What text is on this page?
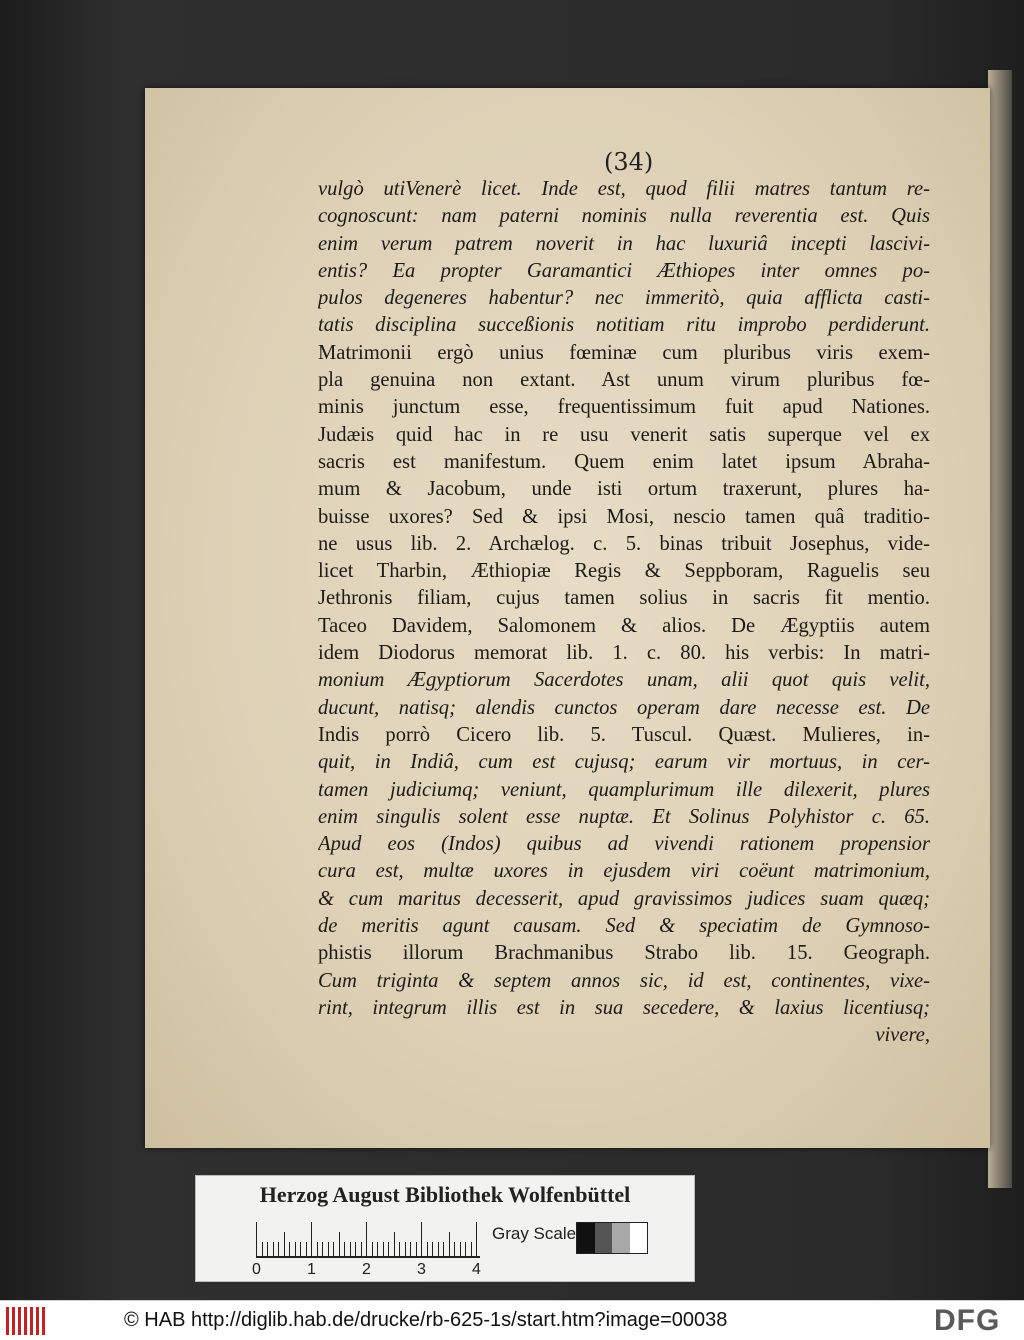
(34)
vulgò utiVenerè licet. Inde est, quod filii matres tantum re-
cognoscunt: nam paterni nominis nulla reverentia est. Quis
enim verum patrem noverit in hac luxuriâ incepti lascivi-
entis? Ea propter Garamantici Æthiopes inter omnes po-
pulos degeneres habentur? nec immeritò, quia afflicta casti-
tatis disciplina succeßionis notitiam ritu improbo perdiderunt.
Matrimonii ergò unius fœminæ cum pluribus viris exem-
pla genuina non extant. Ast unum virum pluribus fœ-
minis junctum esse, frequentissimum fuit apud Nationes.
Judæis quid hac in re usu venerit satis superque vel ex
sacris est manifestum. Quem enim latet ipsum Abraha-
mum & Jacobum, unde isti ortum traxerunt, plures ha-
buisse uxores? Sed & ipsi Mosi, nescio tamen quâ traditio-
ne usus lib. 2. Archælog. c. 5. binas tribuit Josephus, vide-
licet Tharbin, Æthiopiæ Regis & Seppboram, Raguelis seu
Jethronis filiam, cujus tamen solius in sacris fit mentio.
Taceo Davidem, Salomonem & alios. De Ægyptiis autem
idem Diodorus memorat lib. 1. c. 80. his verbis: In matri-
monium Ægyptiorum Sacerdotes unam, alii quot quis velit,
ducunt, natisq; alendis cunctos operam dare necesse est. De
Indis porrò Cicero lib. 5. Tuscul. Quæst. Mulieres, in-
quit, in Indiâ, cum est cujusq; earum vir mortuus, in cer-
tamen judiciumq; veniunt, quamplurimum ille dilexerit, plures
enim singulis solent esse nuptæ. Et Solinus Polyhistor c. 65.
Apud eos (Indos) quibus ad vivendi rationem propensior
cura est, multæ uxores in ejusdem viri coëunt matrimonium,
& cum maritus decesserit, apud gravissimos judices suam quæq;
de meritis agunt causam. Sed & speciatim de Gymnoso-
phistis illorum Brachmanibus Strabo lib. 15. Geograph.
Cum triginta & septem annos sic, id est, continentes, vixe-
rint, integrum illis est in sua secedere, & laxius licentiusq;
vivere,
Herzog August Bibliothek Wolfenbüttel
0	1	2	3	4
Gray Scale
© HAB http://diglib.hab.de/drucke/rb-625-1s/start.htm?image=00038	DFG
